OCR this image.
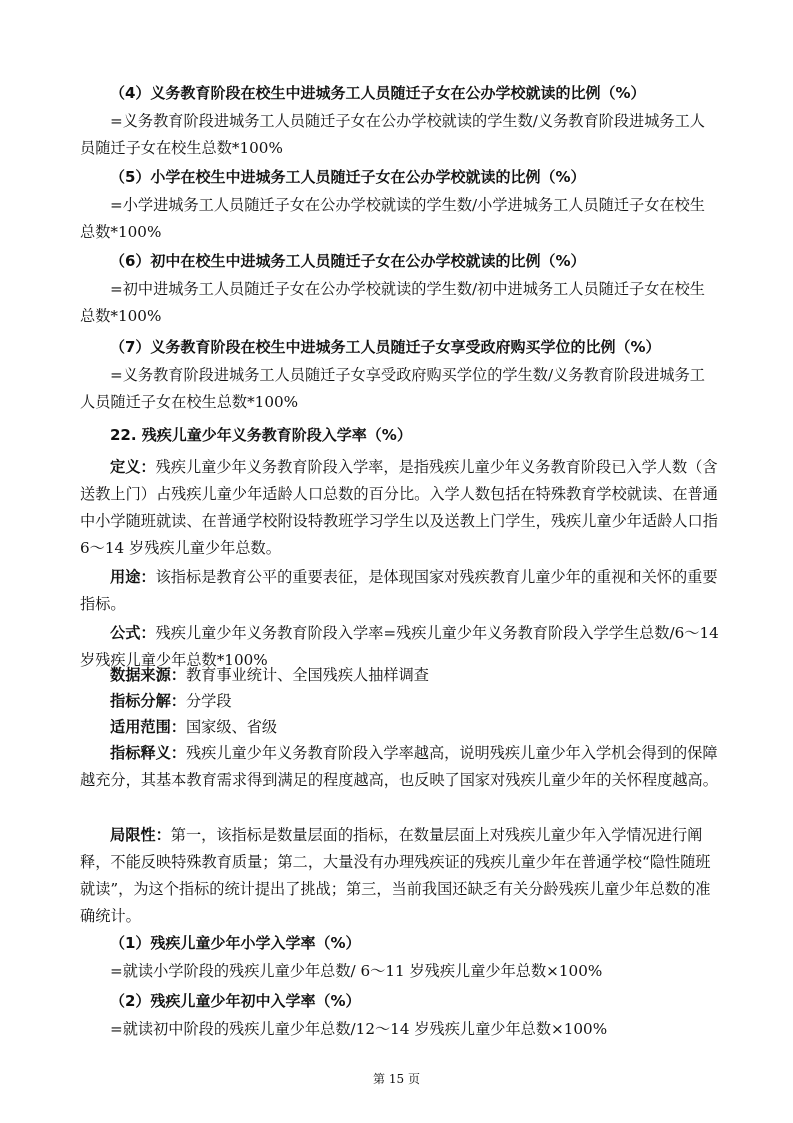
（4）义务教育阶段在校生中进城务工人员随迁子女在公办学校就读的比例（%）
=义务教育阶段进城务工人员随迁子女在公办学校就读的学生数/义务教育阶段进城务工人员随迁子女在校生总数*100%
（5）小学在校生中进城务工人员随迁子女在公办学校就读的比例（%）
=小学进城务工人员随迁子女在公办学校就读的学生数/小学进城务工人员随迁子女在校生总数*100%
（6）初中在校生中进城务工人员随迁子女在公办学校就读的比例（%）
=初中进城务工人员随迁子女在公办学校就读的学生数/初中进城务工人员随迁子女在校生总数*100%
（7）义务教育阶段在校生中进城务工人员随迁子女享受政府购买学位的比例（%）
=义务教育阶段进城务工人员随迁子女享受政府购买学位的学生数/义务教育阶段进城务工人员随迁子女在校生总数*100%
22. 残疾儿童少年义务教育阶段入学率（%）
定义：残疾儿童少年义务教育阶段入学率，是指残疾儿童少年义务教育阶段已入学人数（含送教上门）占残疾儿童少年适龄人口总数的百分比。入学人数包括在特殊教育学校就读、在普通中小学随班就读、在普通学校附设特教班学习学生以及送教上门学生，残疾儿童少年适龄人口指 6～14 岁残疾儿童少年总数。
用途：该指标是教育公平的重要表征，是体现国家对残疾教育儿童少年的重视和关怀的重要指标。
公式：残疾儿童少年义务教育阶段入学率=残疾儿童少年义务教育阶段入学学生总数/6～14 岁残疾儿童少年总数*100%
数据来源：教育事业统计、全国残疾人抽样调查
指标分解：分学段
适用范围：国家级、省级
指标释义：残疾儿童少年义务教育阶段入学率越高，说明残疾儿童少年入学机会得到的保障越充分，其基本教育需求得到满足的程度越高，也反映了国家对残疾儿童少年的关怀程度越高。
局限性：第一，该指标是数量层面的指标，在数量层面上对残疾儿童少年入学情况进行阐释，不能反映特殊教育质量；第二，大量没有办理残疾证的残疾儿童少年在普通学校“隐性随班就读”，为这个指标的统计提出了挑战；第三，当前我国还缺乏有关分龄残疾儿童少年总数的准确统计。
（1）残疾儿童少年小学入学率（%）
=就读小学阶段的残疾儿童少年总数/ 6～11 岁残疾儿童少年总数×100%
（2）残疾儿童少年初中入学率（%）
=就读初中阶段的残疾儿童少年总数/12～14 岁残疾儿童少年总数×100%
第 15 页
